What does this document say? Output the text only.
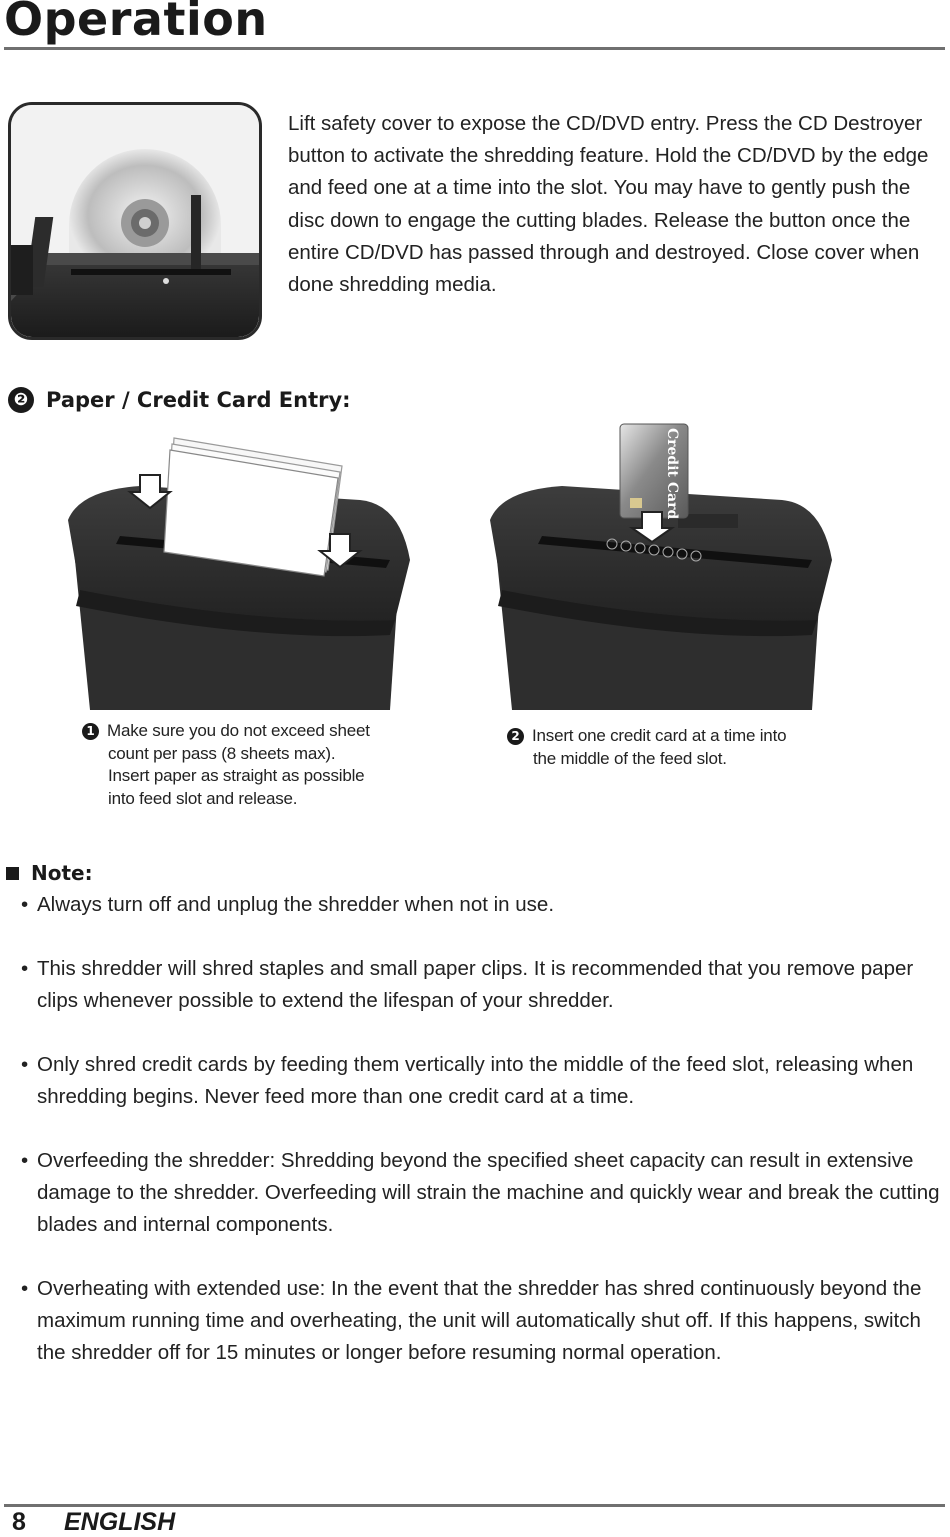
Operation
Lift safety cover to expose the CD/DVD entry. Press the CD Destroyer button to activate the shredding feature. Hold the CD/DVD by the edge and feed one at a time into the slot. You may have to gently push the disc down to engage the cutting blades. Release the button once the entire CD/DVD has passed through and destroyed. Close cover when done shredding media.
❷ Paper / Credit Card Entry:
Credit Card
1 Make sure you do not exceed sheet
count per pass (8 sheets max).
Insert paper as straight as possible
into feed slot and release.
2 Insert one credit card at a time into
the middle of the feed slot.
Note:
• Always turn off and unplug the shredder when not in use.
• This shredder will shred staples and small paper clips. It is recommended that you remove paper clips whenever possible to extend the lifespan of your shredder.
• Only shred credit cards by feeding them vertically into the middle of the feed slot, releasing when shredding begins. Never feed more than one credit card at a time.
• Overfeeding the shredder: Shredding beyond the specified sheet capacity can result in extensive damage to the shredder. Overfeeding will strain the machine and quickly wear and break the cutting blades and internal components.
• Overheating with extended use: In the event that the shredder has shred continuously beyond the maximum running time and overheating, the unit will automatically shut off. If this happens, switch the shredder off for 15 minutes or longer before resuming normal operation.
8 ENGLISH
